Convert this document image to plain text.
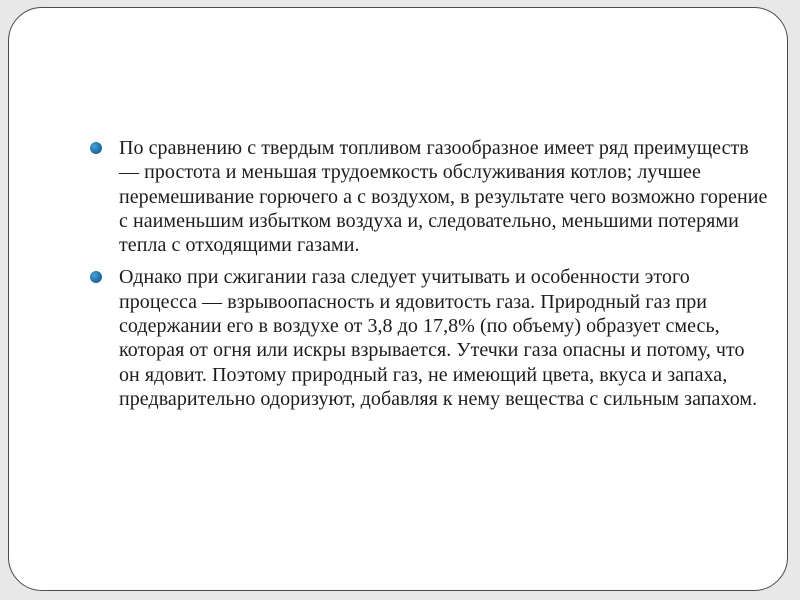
По сравнению с твердым топливом газообразное имеет ряд преимуществ — простота и меньшая трудоемкость обслуживания котлов; лучшее перемешивание горючего а с воздухом, в результате чего возможно горение с наименьшим избытком воздуха и, следовательно, меньшими потерями тепла с отходящими газами.
Однако при сжигании газа следует учитывать и особенности этого процесса — взрывоопасность и ядовитость газа. Природный газ при содержании его в воздухе от 3,8 до 17,8% (по объему) образует смесь, которая от огня или искры взрывается. Утечки газа опасны и потому, что он ядовит. Поэтому природный газ, не имеющий цвета, вкуса и запаха, предварительно одоризуют, добавляя к нему вещества с сильным запахом.
